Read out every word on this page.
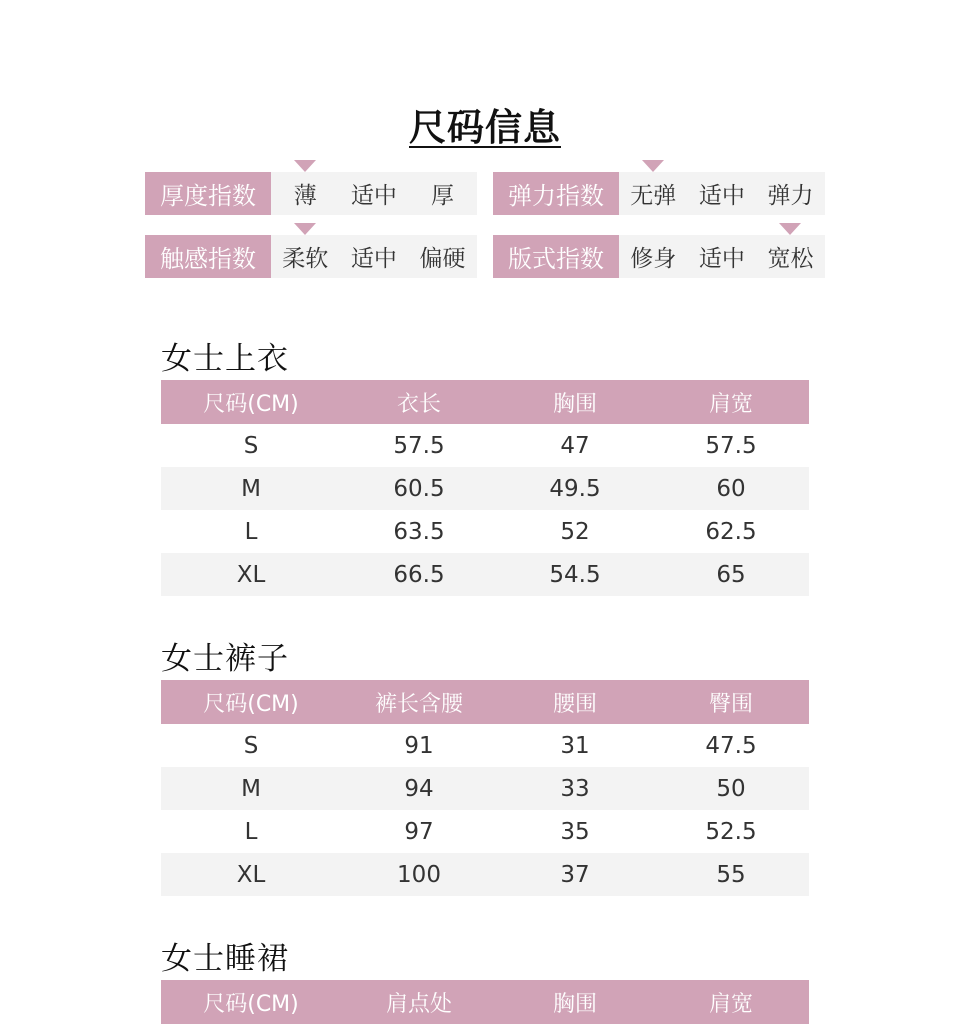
尺码信息
厚度指数	薄 适中 厚	弹力指数	无弹 适中 弹力
触感指数	柔软 适中 偏硬	版式指数	修身 适中 宽松
女士上衣
尺码(CM)	衣长	胸围	肩宽
S	57.5	47	57.5
M	60.5	49.5	60
L	63.5	52	62.5
XL	66.5	54.5	65
女士裤子
尺码(CM)	裤长含腰	腰围	臀围
S	91	31	47.5
M	94	33	50
L	97	35	52.5
XL	100	37	55
女士睡裙
尺码(CM)	肩点处	胸围	肩宽
